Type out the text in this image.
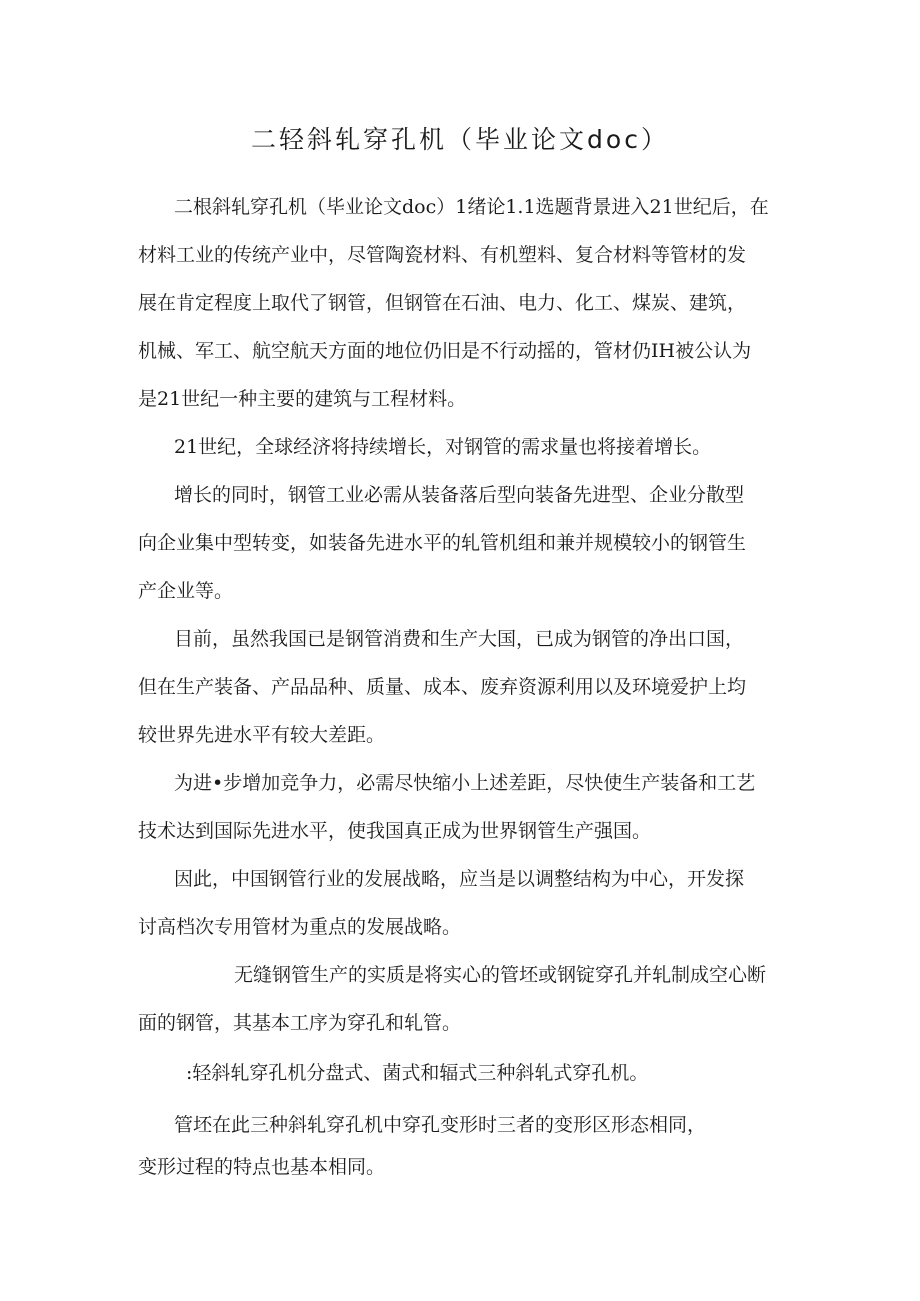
二轻斜轧穿孔机（毕业论文doc）
二根斜轧穿孔机（毕业论文doc）1绪论1.1选题背景进入21世纪后，在
材料工业的传统产业中，尽管陶瓷材料、有机塑料、复合材料等管材的发
展在肯定程度上取代了钢管，但钢管在石油、电力、化工、煤炭、建筑，
机械、军工、航空航天方面的地位仍旧是不行动摇的，管材仍IH被公认为
是21世纪一种主要的建筑与工程材料。
21世纪，全球经济将持续增长，对钢管的需求量也将接着增长。
增长的同时，钢管工业必需从装备落后型向装备先进型、企业分散型
向企业集中型转变，如装备先进水平的轧管机组和兼并规模较小的钢管生
产企业等。
目前，虽然我国已是钢管消费和生产大国，已成为钢管的净出口国，
但在生产装备、产品品种、质量、成本、废弃资源利用以及环境爱护上均
较世界先进水平有较大差距。
为进•步增加竞争力，必需尽快缩小上述差距，尽快使生产装备和工艺
技术达到国际先进水平，使我国真正成为世界钢管生产强国。
因此，中国钢管行业的发展战略，应当是以调整结构为中心，开发探
讨高档次专用管材为重点的发展战略。
无缝钢管生产的实质是将实心的管坯或钢锭穿孔并轧制成空心断
面的钢管，其基本工序为穿孔和轧管。
:轻斜轧穿孔机分盘式、菌式和辐式三种斜轧式穿孔机。
管坯在此三种斜轧穿孔机中穿孔变形时三者的变形区形态相同，
变形过程的特点也基本相同。
